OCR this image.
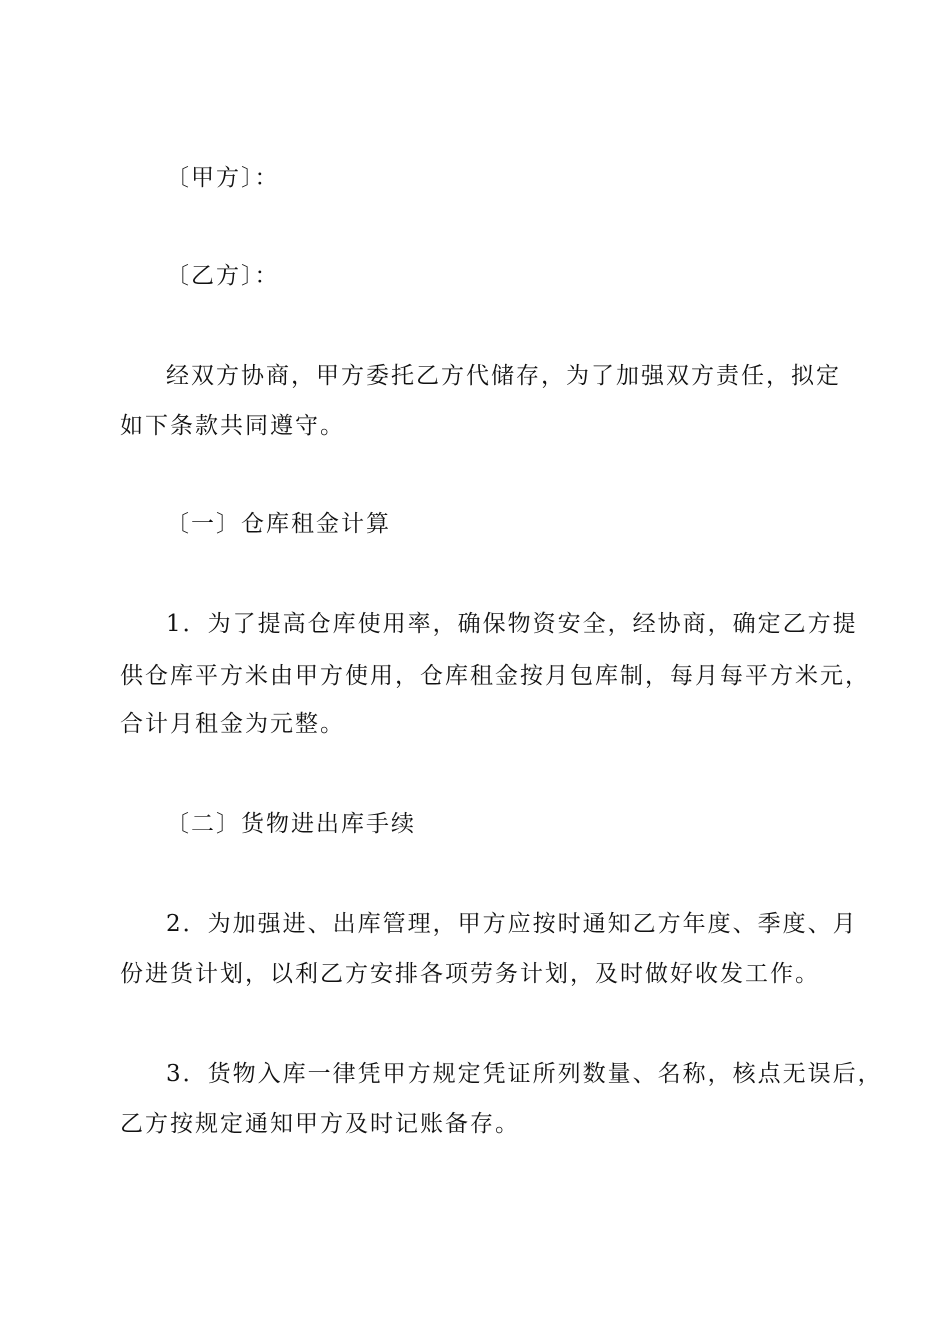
〔甲方〕：

〔乙方〕：

经双方协商，甲方委托乙方代储存，为了加强双方责任，拟定

如下条款共同遵守。

〔一〕仓库租金计算

1．为了提高仓库使用率，确保物资安全，经协商，确定乙方提

供仓库平方米由甲方使用，仓库租金按月包库制，每月每平方米元，

合计月租金为元整。

〔二〕货物进出库手续

2．为加强进、出库管理，甲方应按时通知乙方年度、季度、月

份进货计划，以利乙方安排各项劳务计划，及时做好收发工作。

3．货物入库一律凭甲方规定凭证所列数量、名称，核点无误后，

乙方按规定通知甲方及时记账备存。
